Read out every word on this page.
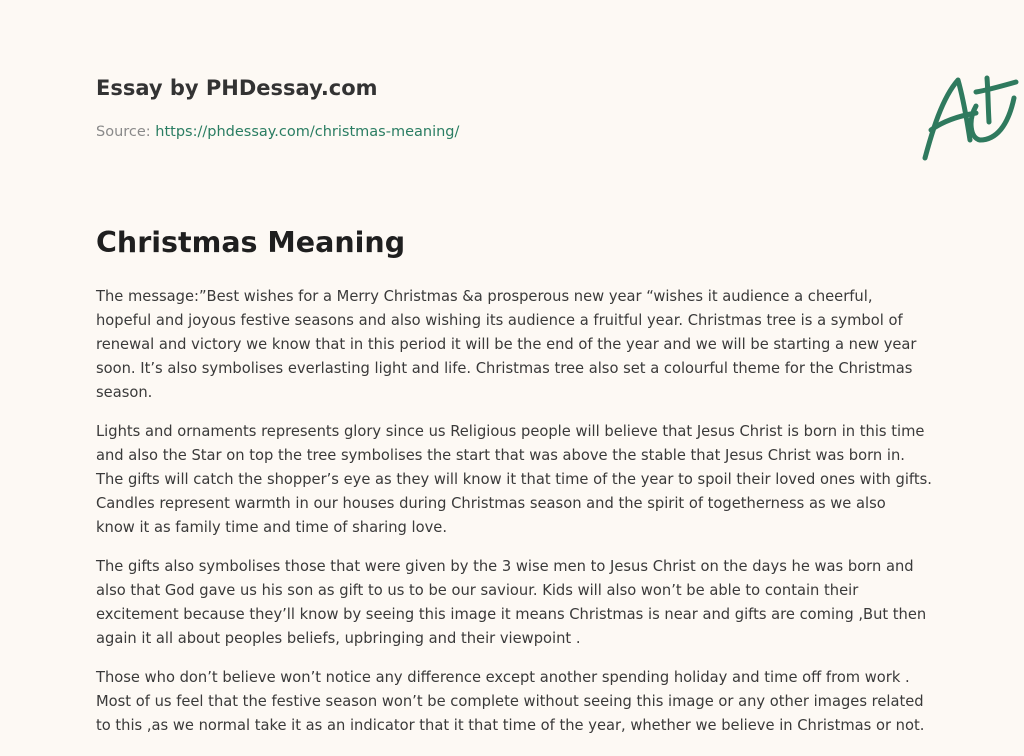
Essay by PHDessay.com
Source: https://phdessay.com/christmas-meaning/
Christmas Meaning

The message:”Best wishes for a Merry Christmas &a prosperous new year “wishes it audience a cheerful,
hopeful and joyous festive seasons and also wishing its audience a fruitful year. Christmas tree is a symbol of
renewal and victory we know that in this period it will be the end of the year and we will be starting a new year
soon. It’s also symbolises everlasting light and life. Christmas tree also set a colourful theme for the Christmas
season.

Lights and ornaments represents glory since us Religious people will believe that Jesus Christ is born in this time
and also the Star on top the tree symbolises the start that was above the stable that Jesus Christ was born in.
The gifts will catch the shopper’s eye as they will know it that time of the year to spoil their loved ones with gifts.
Candles represent warmth in our houses during Christmas season and the spirit of togetherness as we also
know it as family time and time of sharing love.

The gifts also symbolises those that were given by the 3 wise men to Jesus Christ on the days he was born and
also that God gave us his son as gift to us to be our saviour. Kids will also won’t be able to contain their
excitement because they’ll know by seeing this image it means Christmas is near and gifts are coming ,But then
again it all about peoples beliefs, upbringing and their viewpoint .

Those who don’t believe won’t notice any difference except another spending holiday and time off from work .
Most of us feel that the festive season won’t be complete without seeing this image or any other images related
to this ,as we normal take it as an indicator that it that time of the year, whether we believe in Christmas or not.
